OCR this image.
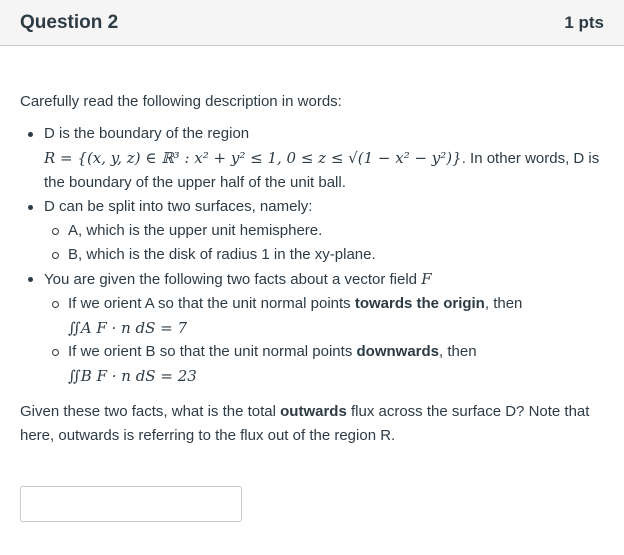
Question 2	1 pts
Carefully read the following description in words:
D is the boundary of the region
R = {(x, y, z) ∈ ℝ³ : x² + y² ≤ 1, 0 ≤ z ≤ √(1 − x² − y²)}. In other words, D is the boundary of the upper half of the unit ball.
D can be split into two surfaces, namely:
A, which is the upper unit hemisphere.
B, which is the disk of radius 1 in the xy-plane.
You are given the following two facts about a vector field F
If we orient A so that the unit normal points towards the origin, then
∬A F · n dS = 7
If we orient B so that the unit normal points downwards, then
∬B F · n dS = 23
Given these two facts, what is the total outwards flux across the surface D? Note that here, outwards is referring to the flux out of the region R.
